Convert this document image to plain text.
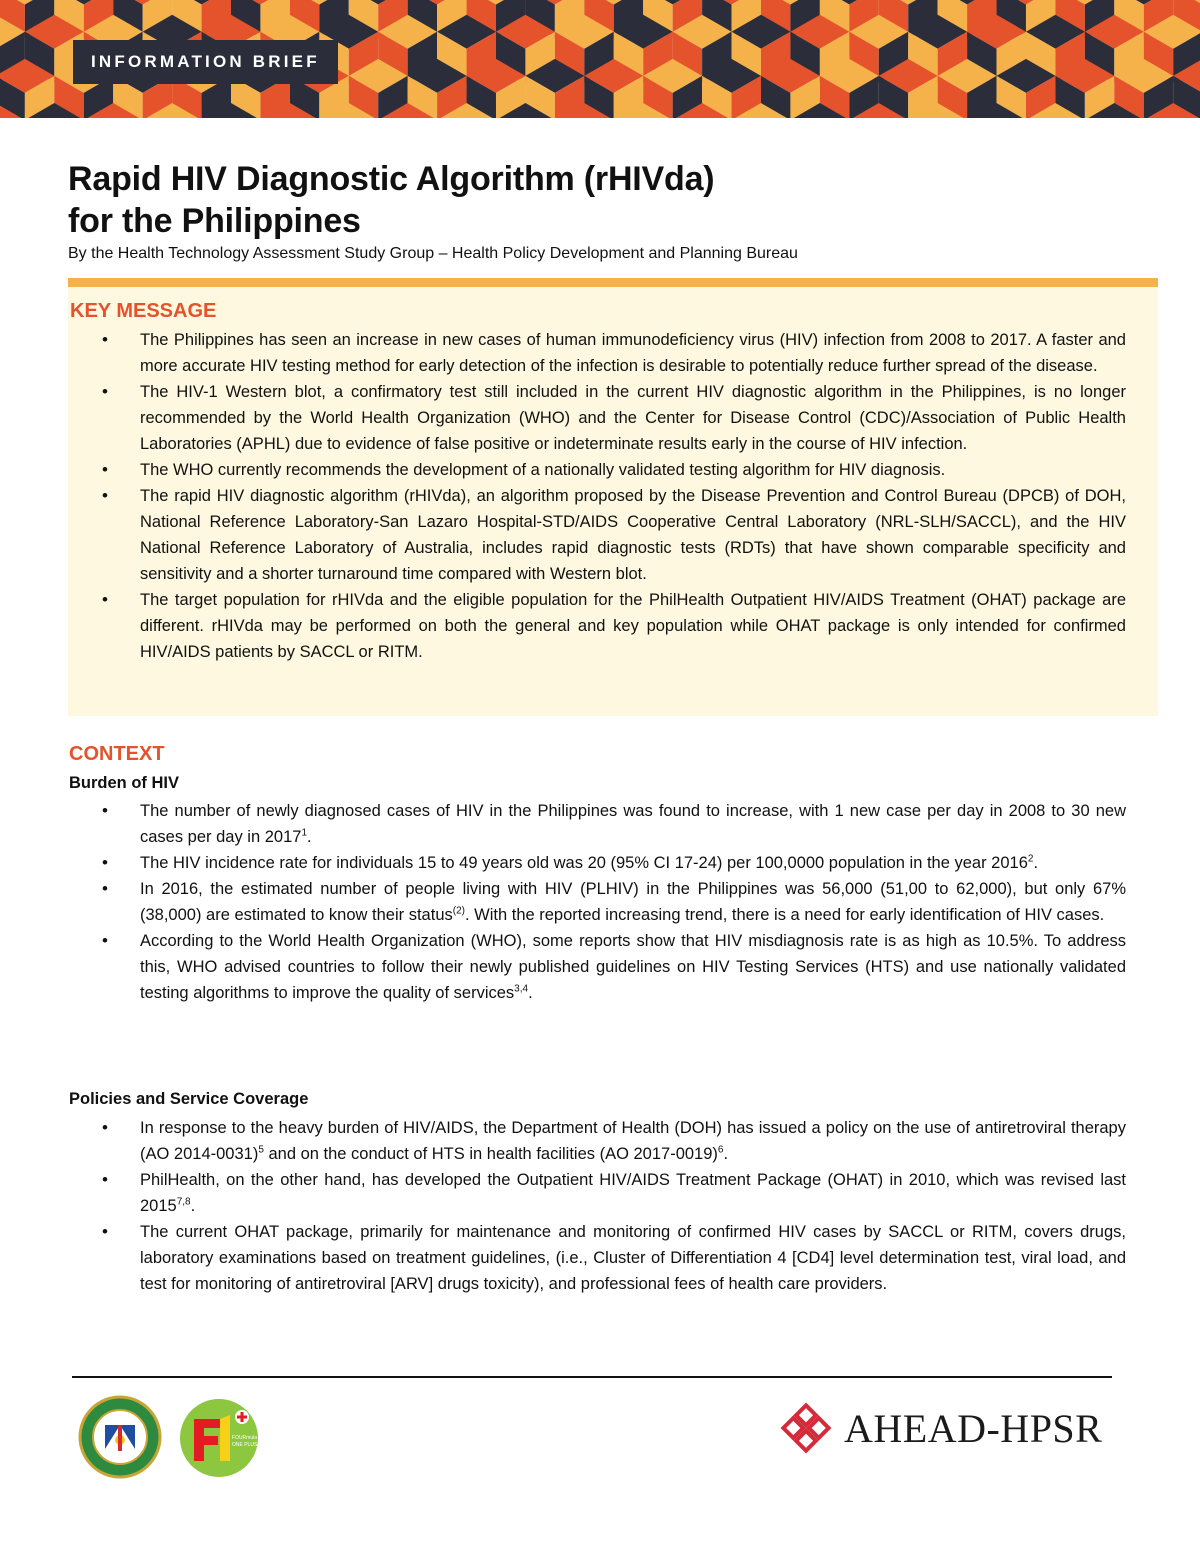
INFORMATION BRIEF
Rapid HIV Diagnostic Algorithm (rHIVda)
for the Philippines
By the Health Technology Assessment Study Group – Health Policy Development and Planning Bureau
KEY MESSAGE
• The Philippines has seen an increase in new cases of human immunodeficiency virus (HIV) infection from 2008 to 2017. A faster and more accurate HIV testing method for early detection of the infection is desirable to potentially reduce further spread of the disease.
• The HIV-1 Western blot, a confirmatory test still included in the current HIV diagnostic algorithm in the Philippines, is no longer recommended by the World Health Organization (WHO) and the Center for Disease Control (CDC)/Association of Public Health Laboratories (APHL) due to evidence of false positive or indeterminate results early in the course of HIV infection.
• The WHO currently recommends the development of a nationally validated testing algorithm for HIV diagnosis.
• The rapid HIV diagnostic algorithm (rHIVda), an algorithm proposed by the Disease Prevention and Control Bureau (DPCB) of DOH, National Reference Laboratory-San Lazaro Hospital-STD/AIDS Cooperative Central Laboratory (NRL-SLH/SACCL), and the HIV National Reference Laboratory of Australia, includes rapid diagnostic tests (RDTs) that have shown comparable specificity and sensitivity and a shorter turnaround time compared with Western blot.
• The target population for rHIVda and the eligible population for the PhilHealth Outpatient HIV/AIDS Treatment (OHAT) package are different. rHIVda may be performed on both the general and key population while OHAT package is only intended for confirmed HIV/AIDS patients by SACCL or RITM.
CONTEXT
Burden of HIV
• The number of newly diagnosed cases of HIV in the Philippines was found to increase, with 1 new case per day in 2008 to 30 new cases per day in 2017$^1$.
• The HIV incidence rate for individuals 15 to 49 years old was 20 (95% CI 17-24) per 100,0000 population in the year 2016$^2$.
• In 2016, the estimated number of people living with HIV (PLHIV) in the Philippines was 56,000 (51,00 to 62,000), but only 67% (38,000) are estimated to know their status$^{(2)}$. With the reported increasing trend, there is a need for early identification of HIV cases.
• According to the World Health Organization (WHO), some reports show that HIV misdiagnosis rate is as high as 10.5%. To address this, WHO advised countries to follow their newly published guidelines on HIV Testing Services (HTS) and use nationally validated testing algorithms to improve the quality of services$^{3,4}$.
Policies and Service Coverage
• In response to the heavy burden of HIV/AIDS, the Department of Health (DOH) has issued a policy on the use of antiretroviral therapy (AO 2014-0031)$^5$ and on the conduct of HTS in health facilities (AO 2017-0019)$^6$.
• PhilHealth, on the other hand, has developed the Outpatient HIV/AIDS Treatment Package (OHAT) in 2010, which was revised last 2015$^{7,8}$.
• The current OHAT package, primarily for maintenance and monitoring of confirmed HIV cases by SACCL or RITM, covers drugs, laboratory examinations based on treatment guidelines, (i.e., Cluster of Differentiation 4 [CD4] level determination test, viral load, and test for monitoring of antiretroviral [ARV] drugs toxicity), and professional fees of health care providers.
FOURmula
ONE PLUS	AHEAD-HPSR
